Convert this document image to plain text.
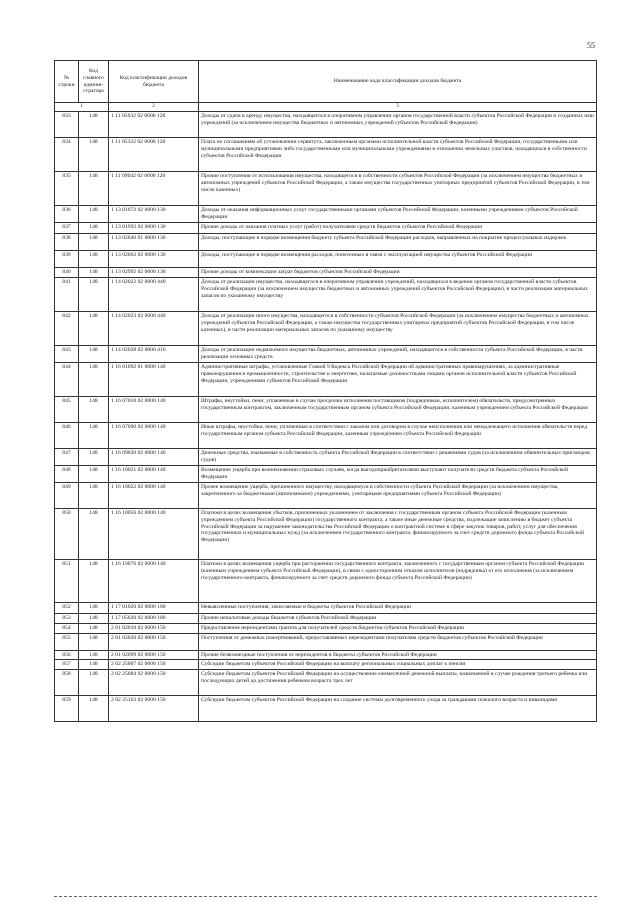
55
№ строки	Код главного админи-стратора	Код классификации доходов бюджета	Наименование кода классификации доходов бюджета
1		2	3
833	148	1 11 05032 02 0000 120	Доходы от сдачи в аренду имущества, находящегося в оперативном управлении органов государственной власти субъектов Российской Федерации и созданных ими учреждений (за исключением имущества бюджетных и автономных учреждений субъектов Российской Федерации)
834	148	1 11 05322 02 0000 120	Плата по соглашениям об установлении сервитута, заключенным органами исполнительной власти субъектов Российской Федерации, государственными или муниципальными предприятиями либо государственными или муниципальными учреждениями в отношении земельных участков, находящихся в собственности субъектов Российской Федерации
835	148	1 11 09042 02 0000 120	Прочие поступления от использования имущества, находящегося в собственности субъектов Российской Федерации (за исключением имущества бюджетных и автономных учреждений субъектов Российской Федерации, а также имущества государственных унитарных предприятий субъектов Российской Федерации, в том числе казенных)
836	148	1 13 01072 02 0000 130	Доходы от оказания информационных услуг государственными органами субъектов Российской Федерации, казенными учреждениями субъектов Российской Федерации
837	148	1 13 01992 02 0000 130	Прочие доходы от оказания платных услуг (работ) получателями средств бюджетов субъектов Российской Федерации
838	148	1 13 02040 01 0000 130	Доходы, поступающие в порядке возмещения бюджету субъекта Российской Федерации расходов, направленных на покрытие процессуальных издержек
839	148	1 13 02062 02 0000 130	Доходы, поступающие в порядке возмещения расходов, понесенных в связи с эксплуатацией имущества субъектов Российской Федерации
840	148	1 13 02992 02 0000 130	Прочие доходы от компенсации затрат бюджетов субъектов Российской Федерации
841	148	1 14 02022 02 0000 440	Доходы от реализации имущества, находящегося в оперативном управлении учреждений, находящихся в ведении органов государственной власти субъектов Российской Федерации (за исключением имущества бюджетных и автономных учреждений субъектов Российской Федерации), в части реализации материальных запасов по указанному имуществу
842	148	1 14 02023 02 0000 440	Доходы от реализации иного имущества, находящегося в собственности субъектов Российской Федерации (за исключением имущества бюджетных и автономных учреждений субъектов Российской Федерации, а также имущества государственных унитарных предприятий субъектов Российской Федерации, в том числе казенных), в части реализации материальных запасов по указанному имуществу
843	148	1 14 02028 02 0000 410	Доходы от реализации недвижимого имущества бюджетных, автономных учреждений, находящегося в собственности субъекта Российской Федерации, в части реализации основных средств
844	148	1 16 01092 01 0000 140	Административные штрафы, установленные Главой 9 Кодекса Российской Федерации об административных правонарушениях, за административные правонарушения в промышленности, строительстве и энергетике, налагаемые должностными лицами органов исполнительной власти субъектов Российской Федерации, учреждениями субъектов Российской Федерации
845	148	1 16 07010 02 0000 140	Штрафы, неустойки, пени, уплаченные в случае просрочки исполнения поставщиком (подрядчиком, исполнителем) обязательств, предусмотренных государственным контрактом, заключенным государственным органом субъекта Российской Федерации, казенным учреждением субъекта Российской Федерации
846	148	1 16 07090 02 0000 140	Иные штрафы, неустойки, пени, уплаченные в соответствии с законом или договором в случае неисполнения или ненадлежащего исполнения обязательств перед государственным органом субъекта Российской Федерации, казенным учреждением субъекта Российской Федерации
847	148	1 16 09030 02 0000 140	Денежные средства, изымаемые в собственность субъекта Российской Федерации в соответствии с решениями судов (за исключением обвинительных приговоров судов)
848	148	1 16 10021 02 0000 140	Возмещение ущерба при возникновении страховых случаев, когда выгодоприобретателями выступают получатели средств бюджета субъекта Российской Федерации
849	148	1 16 10022 02 0000 140	Прочее возмещение ущерба, причиненного имуществу, находящемуся в собственности субъекта Российской Федерации (за исключением имущества, закрепленного за бюджетными (автономными) учреждениями, унитарными предприятиями субъекта Российской Федерации)
850	148	1 16 10056 02 0000 140	Платежи в целях возмещения убытков, причиненных уклонением от заключения с государственным органом субъекта Российской Федерации (казенным учреждением субъекта Российской Федерации) государственного контракта, а также иные денежные средства, подлежащие зачислению в бюджет субъекта Российской Федерации за нарушение законодательства Российской Федерации о контрактной системе в сфере закупок товаров, работ, услуг для обеспечения государственных и муниципальных нужд (за исключением государственного контракта, финансируемого за счет средств дорожного фонда субъекта Российской Федерации)
851	148	1 16 10076 02 0000 140	Платежи в целях возмещения ущерба при расторжении государственного контракта, заключенного с государственным органом субъекта Российской Федерации (казенным учреждением субъекта Российской Федерации), в связи с односторонним отказом исполнителя (подрядчика) от его исполнения (за исключением государственного контракта, финансируемого за счет средств дорожного фонда субъекта Российской Федерации)
852	148	1 17 01020 02 0000 180	Невыясненные поступления, зачисляемые в бюджеты субъектов Российской Федерации
853	148	1 17 05020 02 0000 180	Прочие неналоговые доходы бюджетов субъектов Российской Федерации
854	148	2 01 02010 02 0000 150	Предоставление нерезидентами грантов для получателей средств бюджетов субъектов Российской Федерации
855	148	2 01 02020 02 0000 150	Поступления от денежных пожертвований, предоставляемых нерезидентами получателям средств бюджетов субъектов Российской Федерации
856	148	2 01 02099 02 0000 150	Прочие безвозмездные поступления от нерезидентов в бюджеты субъектов Российской Федерации
857	148	2 02 25007 02 0000 150	Субсидии бюджетам субъектов Российской Федерации на выплату региональных социальных доплат к пенсии
858	148	2 02 25084 02 0000 150	Субсидии бюджетам субъектов Российской Федерации на осуществление ежемесячной денежной выплаты, назначаемой в случае рождения третьего ребенка или последующих детей до достижения ребенком возраста трех лет
859	148	2 02 25163 02 0000 150	Субсидии бюджетам субъектов Российской Федерации на создание системы долговременного ухода за гражданами пожилого возраста и инвалидами
